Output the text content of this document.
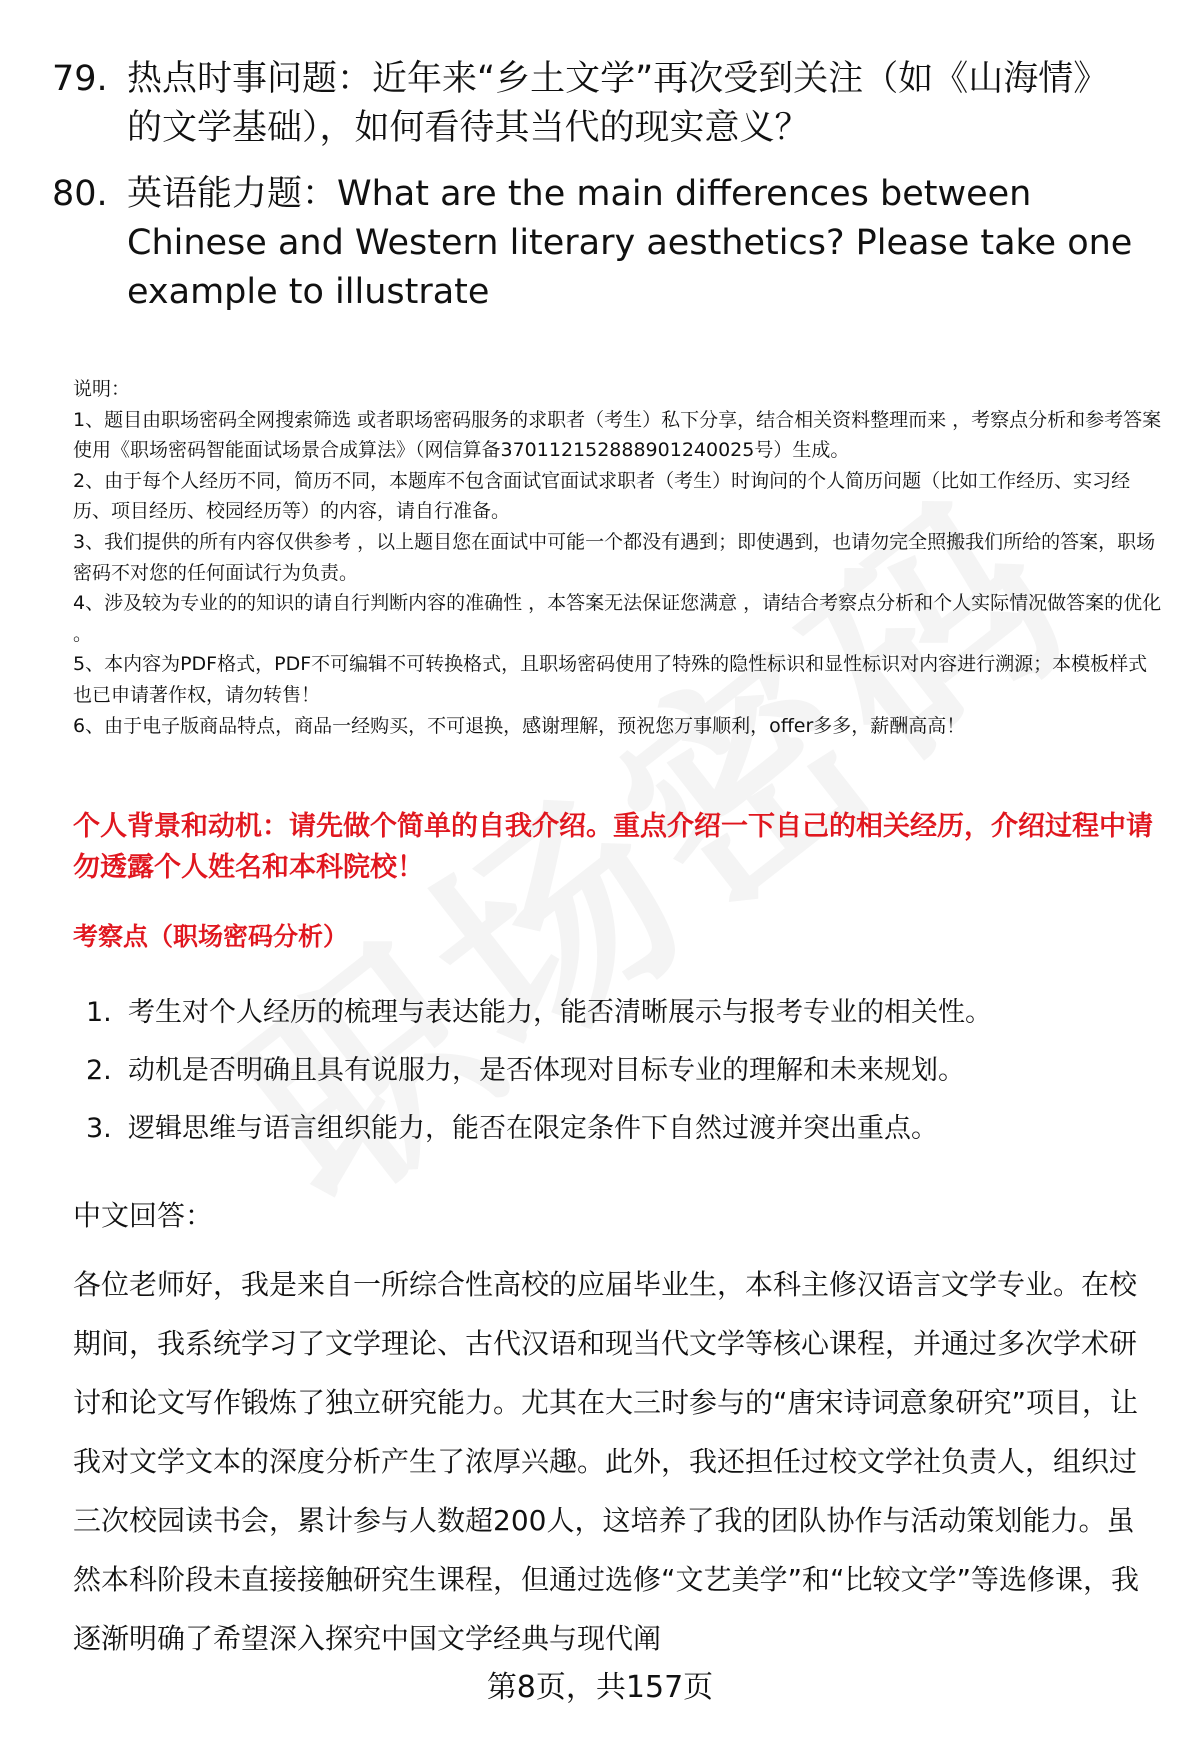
79. 热点时事问题：近年来“乡土文学”再次受到关注（如《山海情》的文学基础），如何看待其当代的现实意义？
80. 英语能力题：What are the main differences between Chinese and Western literary aesthetics? Please take one example to illustrate

说明：

1、题目由职场密码全网搜索筛选 或者职场密码服务的求职者（考生）私下分享，结合相关资料整理而来 ，考察点分析和参考答案使用《职场密码智能面试场景合成算法》（网信算备370112152888901240025号）生成。

2、由于每个人经历不同，简历不同，本题库不包含面试官面试求职者（考生）时询问的个人简历问题（比如工作经历、实习经历、项目经历、校园经历等）的内容，请自行准备。

3、我们提供的所有内容仅供参考 ，以上题目您在面试中可能一个都没有遇到；即使遇到，也请勿完全照搬我们所给的答案，职场密码不对您的任何面试行为负责。

4、涉及较为专业的的知识的请自行判断内容的准确性 ，本答案无法保证您满意 ，请结合考察点分析和个人实际情况做答案的优化 。

5、本内容为PDF格式，PDF不可编辑不可转换格式，且职场密码使用了特殊的隐性标识和显性标识对内容进行溯源；本模板样式也已申请著作权，请勿转售！

6、由于电子版商品特点，商品一经购买，不可退换，感谢理解，预祝您万事顺利，offer多多，薪酬高高！

个人背景和动机：请先做个简单的自我介绍。重点介绍一下自己的相关经历，介绍过程中请勿透露个人姓名和本科院校！
考察点（职场密码分析）
1. 考生对个人经历的梳理与表达能力，能否清晰展示与报考专业的相关性。
2. 动机是否明确且具有说服力，是否体现对目标专业的理解和未来规划。
3. 逻辑思维与语言组织能力，能否在限定条件下自然过渡并突出重点。
中文回答：

各位老师好，我是来自一所综合性高校的应届毕业生，本科主修汉语言文学专业。在校期间，我系统学习了文学理论、古代汉语和现当代文学等核心课程，并通过多次学术研讨和论文写作锻炼了独立研究能力。尤其在大三时参与的“唐宋诗词意象研究”项目，让我对文学文本的深度分析产生了浓厚兴趣。此外，我还担任过校文学社负责人，组织过三次校园读书会，累计参与人数超200人，这培养了我的团队协作与活动策划能力。虽然本科阶段未直接接触研究生课程，但通过选修“文艺美学”和“比较文学”等选修课，我逐渐明确了希望深入探究中国文学经典与现代阐

第8页，共157页
